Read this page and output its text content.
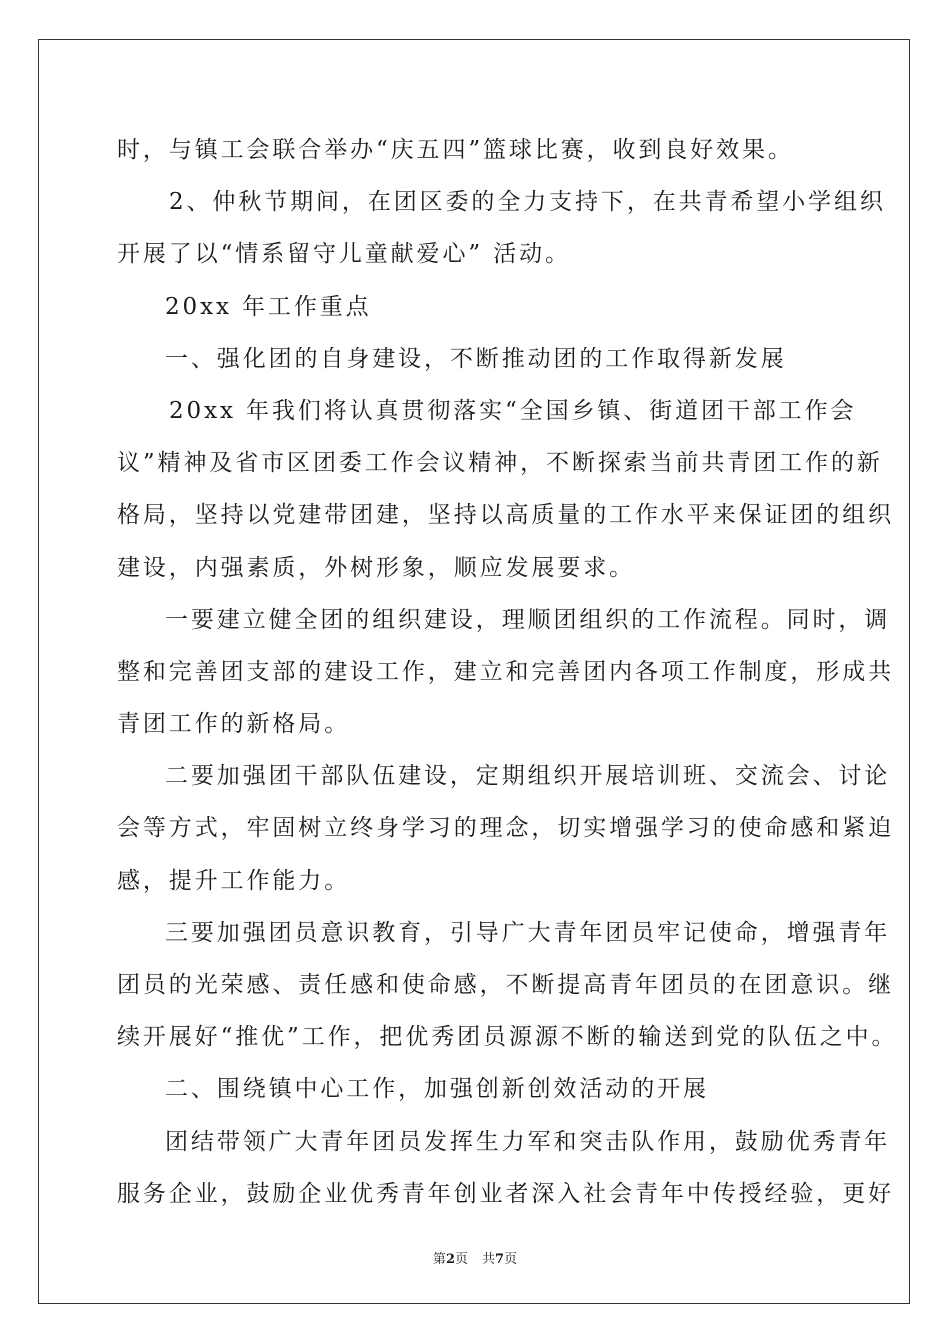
时，与镇工会联合举办“庆五四”篮球比赛，收到良好效果。
2、仲秋节期间，在团区委的全力支持下，在共青希望小学组织
开展了以“情系留守儿童献爱心” 活动。
20xx 年工作重点
一、强化团的自身建设，不断推动团的工作取得新发展
20xx 年我们将认真贯彻落实“全国乡镇、街道团干部工作会
议”精神及省市区团委工作会议精神，不断探索当前共青团工作的新
格局，坚持以党建带团建，坚持以高质量的工作水平来保证团的组织
建设，内强素质，外树形象，顺应发展要求。
一要建立健全团的组织建设，理顺团组织的工作流程。同时，调
整和完善团支部的建设工作，建立和完善团内各项工作制度，形成共
青团工作的新格局。
二要加强团干部队伍建设，定期组织开展培训班、交流会、讨论
会等方式，牢固树立终身学习的理念，切实增强学习的使命感和紧迫
感，提升工作能力。
三要加强团员意识教育，引导广大青年团员牢记使命，增强青年
团员的光荣感、责任感和使命感，不断提高青年团员的在团意识。继
续开展好“推优”工作，把优秀团员源源不断的输送到党的队伍之中。
二、围绕镇中心工作，加强创新创效活动的开展
团结带领广大青年团员发挥生力军和突击队作用，鼓励优秀青年
服务企业，鼓励企业优秀青年创业者深入社会青年中传授经验，更好
第2页 共7页
